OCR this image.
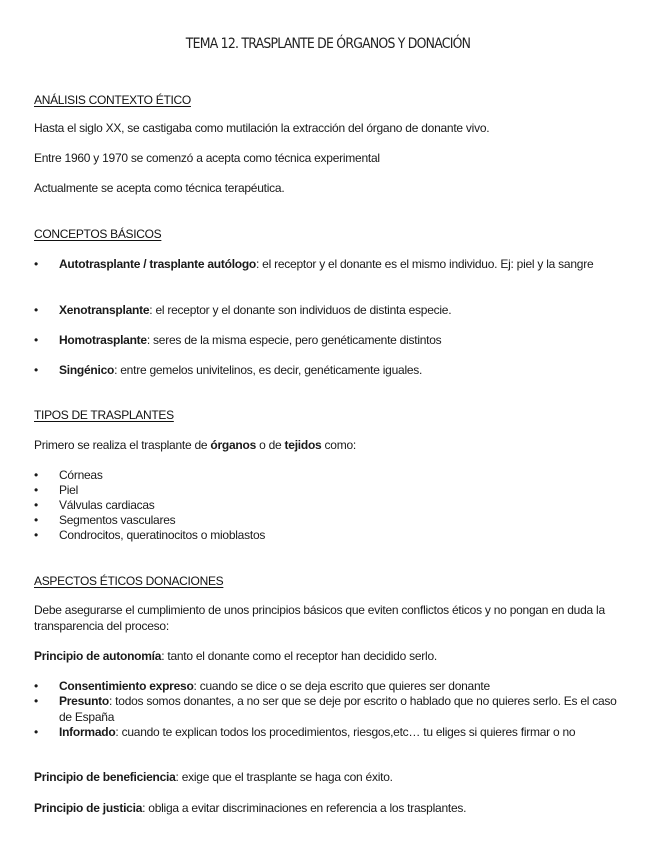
TEMA 12. TRASPLANTE DE ÓRGANOS Y DONACIÓN
ANÁLISIS CONTEXTO ÉTICO
Hasta el siglo XX, se castigaba como mutilación la extracción del órgano de donante vivo.
Entre 1960 y 1970 se comenzó a acepta como técnica experimental
Actualmente se acepta como técnica terapéutica.
CONCEPTOS BÁSICOS
• Autotrasplante / trasplante autólogo: el receptor y el donante es el mismo individuo. Ej: piel y la sangre
• Xenotransplante: el receptor y el donante son individuos de distinta especie.
• Homotrasplante: seres de la misma especie, pero genéticamente distintos
• Singénico: entre gemelos univitelinos, es decir, genéticamente iguales.
TIPOS DE TRASPLANTES
Primero se realiza el trasplante de órganos o de tejidos como:
• Córneas
• Piel
• Válvulas cardiacas
• Segmentos vasculares
• Condrocitos, queratinocitos o mioblastos
ASPECTOS ÉTICOS DONACIONES
Debe asegurarse el cumplimiento de unos principios básicos que eviten conflictos éticos y no pongan en duda la transparencia del proceso:
Principio de autonomía: tanto el donante como el receptor han decidido serlo.
• Consentimiento expreso: cuando se dice o se deja escrito que quieres ser donante
• Presunto: todos somos donantes, a no ser que se deje por escrito o hablado que no quieres serlo. Es el caso de España
• Informado: cuando te explican todos los procedimientos, riesgos,etc… tu eliges si quieres firmar o no
Principio de beneficiencia: exige que el trasplante se haga con éxito.
Principio de justicia: obliga a evitar discriminaciones en referencia a los trasplantes.
